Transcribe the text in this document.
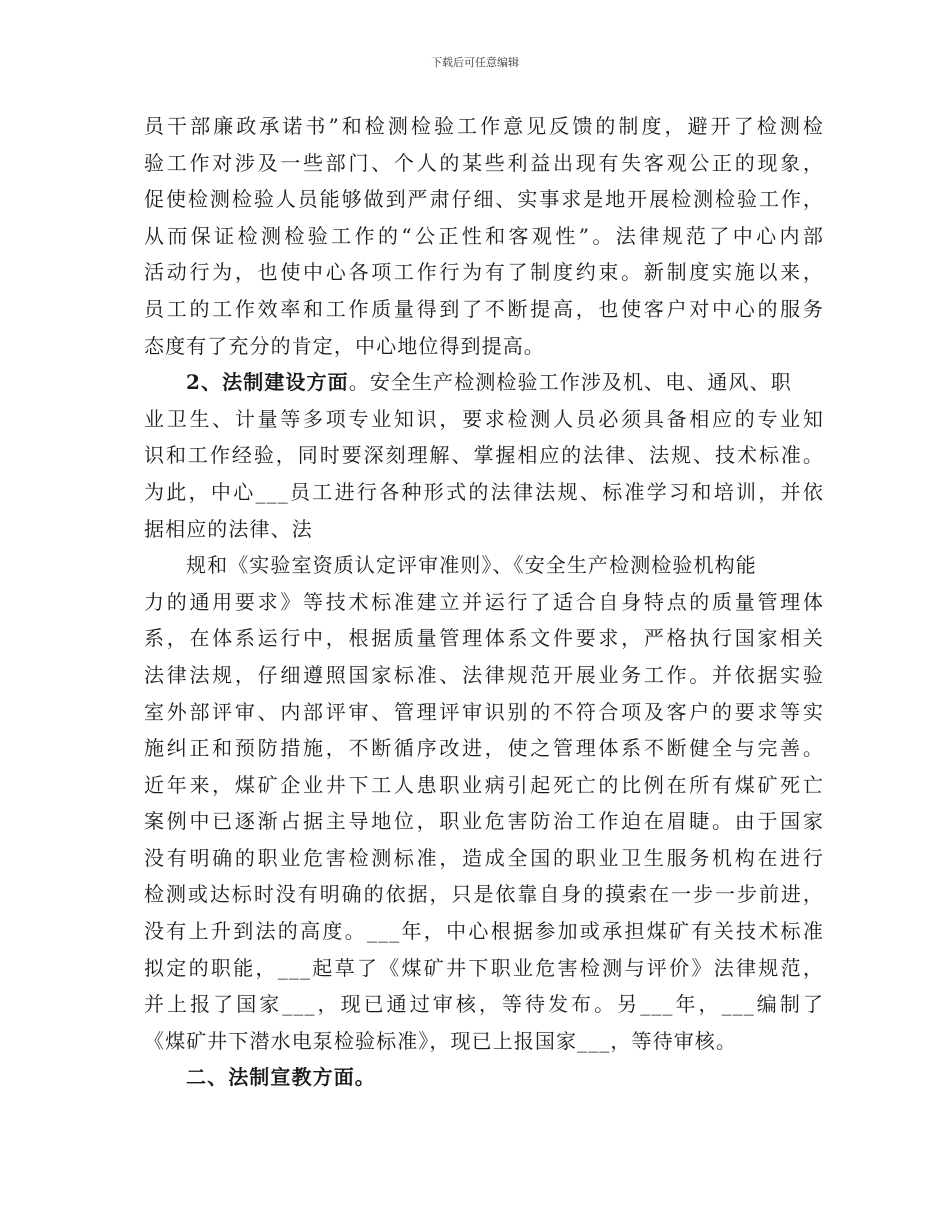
下载后可任意编辑
员干部廉政承诺书”和检测检验工作意见反馈的制度，避开了检测检
验工作对涉及一些部门、个人的某些利益出现有失客观公正的现象，
促使检测检验人员能够做到严肃仔细、实事求是地开展检测检验工作，
从而保证检测检验工作的“公正性和客观性”。法律规范了中心内部
活动行为，也使中心各项工作行为有了制度约束。新制度实施以来，
员工的工作效率和工作质量得到了不断提高，也使客户对中心的服务
态度有了充分的肯定，中心地位得到提高。
2、法制建设方面。安全生产检测检验工作涉及机、电、通风、职
业卫生、计量等多项专业知识，要求检测人员必须具备相应的专业知
识和工作经验，同时要深刻理解、掌握相应的法律、法规、技术标准。
为此，中心___员工进行各种形式的法律法规、标准学习和培训，并依
据相应的法律、法
规和《实验室资质认定评审准则》、《安全生产检测检验机构能
力的通用要求》等技术标准建立并运行了适合自身特点的质量管理体
系，在体系运行中，根据质量管理体系文件要求，严格执行国家相关
法律法规，仔细遵照国家标准、法律规范开展业务工作。并依据实验
室外部评审、内部评审、管理评审识别的不符合项及客户的要求等实
施纠正和预防措施，不断循序改进，使之管理体系不断健全与完善。
近年来，煤矿企业井下工人患职业病引起死亡的比例在所有煤矿死亡
案例中已逐渐占据主导地位，职业危害防治工作迫在眉睫。由于国家
没有明确的职业危害检测标准，造成全国的职业卫生服务机构在进行
检测或达标时没有明确的依据，只是依靠自身的摸索在一步一步前进，
没有上升到法的高度。___年，中心根据参加或承担煤矿有关技术标准
拟定的职能，___起草了《煤矿井下职业危害检测与评价》法律规范，
并上报了国家___，现已通过审核，等待发布。另___年，___编制了
《煤矿井下潜水电泵检验标准》，现已上报国家___，等待审核。
二、法制宣教方面。
